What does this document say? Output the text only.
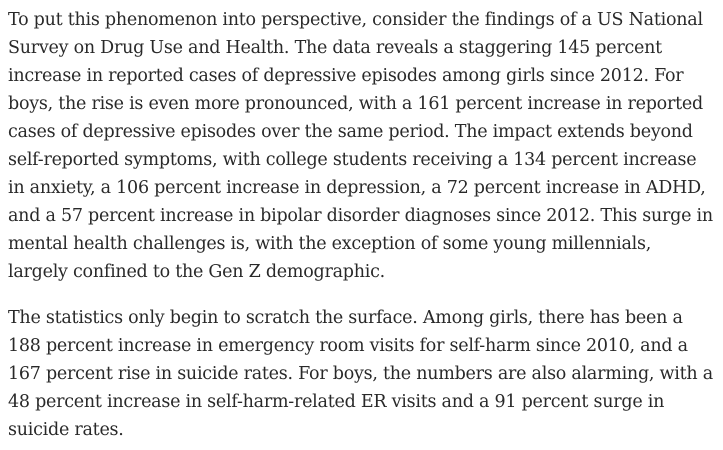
To put this phenomenon into perspective, consider the findings of a US National Survey on Drug Use and Health. The data reveals a staggering 145 percent increase in reported cases of depressive episodes among girls since 2012. For boys, the rise is even more pronounced, with a 161 percent increase in reported cases of depressive episodes over the same period. The impact extends beyond self-reported symptoms, with college students receiving a 134 percent increase in anxiety, a 106 percent increase in depression, a 72 percent increase in ADHD, and a 57 percent increase in bipolar disorder diagnoses since 2012. This surge in mental health challenges is, with the exception of some young millennials, largely confined to the Gen Z demographic.

The statistics only begin to scratch the surface. Among girls, there has been a 188 percent increase in emergency room visits for self-harm since 2010, and a 167 percent rise in suicide rates. For boys, the numbers are also alarming, with a 48 percent increase in self-harm-related ER visits and a 91 percent surge in suicide rates.
